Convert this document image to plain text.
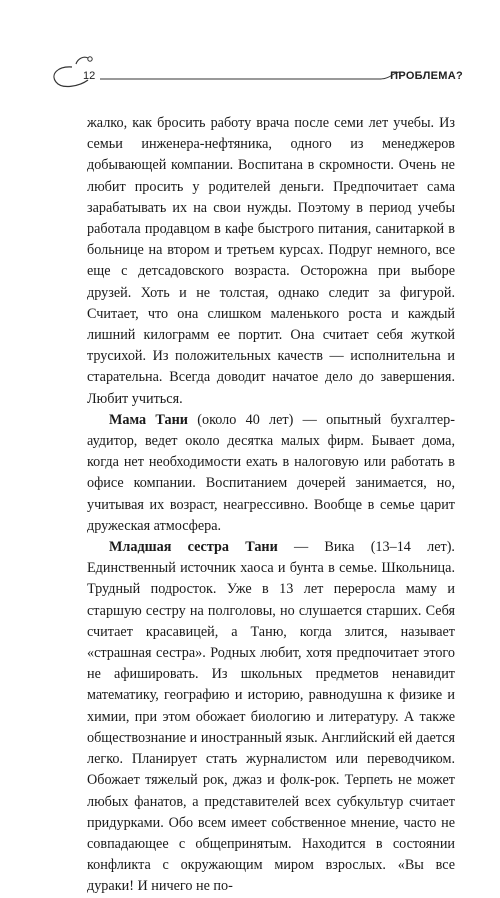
12	ПРОБЛЕМА?

жалко, как бросить работу врача после семи лет учебы. Из семьи инженера-нефтяника, одного из менеджеров добывающей компании. Воспитана в скромности. Очень не любит просить у родителей деньги. Предпочитает сама зарабатывать их на свои нужды. Поэтому в период учебы работала продавцом в кафе быстрого питания, санитаркой в больнице на втором и третьем курсах. Подруг немного, все еще с детсадовского возраста. Осторожна при выборе друзей. Хоть и не толстая, однако следит за фигурой. Считает, что она слишком маленького роста и каждый лишний килограмм ее портит. Она считает себя жуткой трусихой. Из положительных качеств — исполнительна и старательна. Всегда доводит начатое дело до завершения. Любит учиться.

Мама Тани (около 40 лет) — опытный бухгалтер-аудитор, ведет около десятка малых фирм. Бывает дома, когда нет необходимости ехать в налоговую или работать в офисе компании. Воспитанием дочерей занимается, но, учитывая их возраст, неагрессивно. Вообще в семье царит дружеская атмосфера.

Младшая сестра Тани — Вика (13–14 лет). Единственный источник хаоса и бунта в семье. Школьница. Трудный подросток. Уже в 13 лет переросла маму и старшую сестру на полголовы, но слушается старших. Себя считает красавицей, а Таню, когда злится, называет «страшная сестра». Родных любит, хотя предпочитает этого не афишировать. Из школьных предметов ненавидит математику, географию и историю, равнодушна к физике и химии, при этом обожает биологию и литературу. А также обществознание и иностранный язык. Английский ей дается легко. Планирует стать журналистом или переводчиком. Обожает тяжелый рок, джаз и фолк-рок. Терпеть не может любых фанатов, а представителей всех субкультур считает придурками. Обо всем имеет собственное мнение, часто не совпадающее с общепринятым. Находится в состоянии конфликта с окружающим миром взрослых. «Вы все дураки! И ничего не по-
